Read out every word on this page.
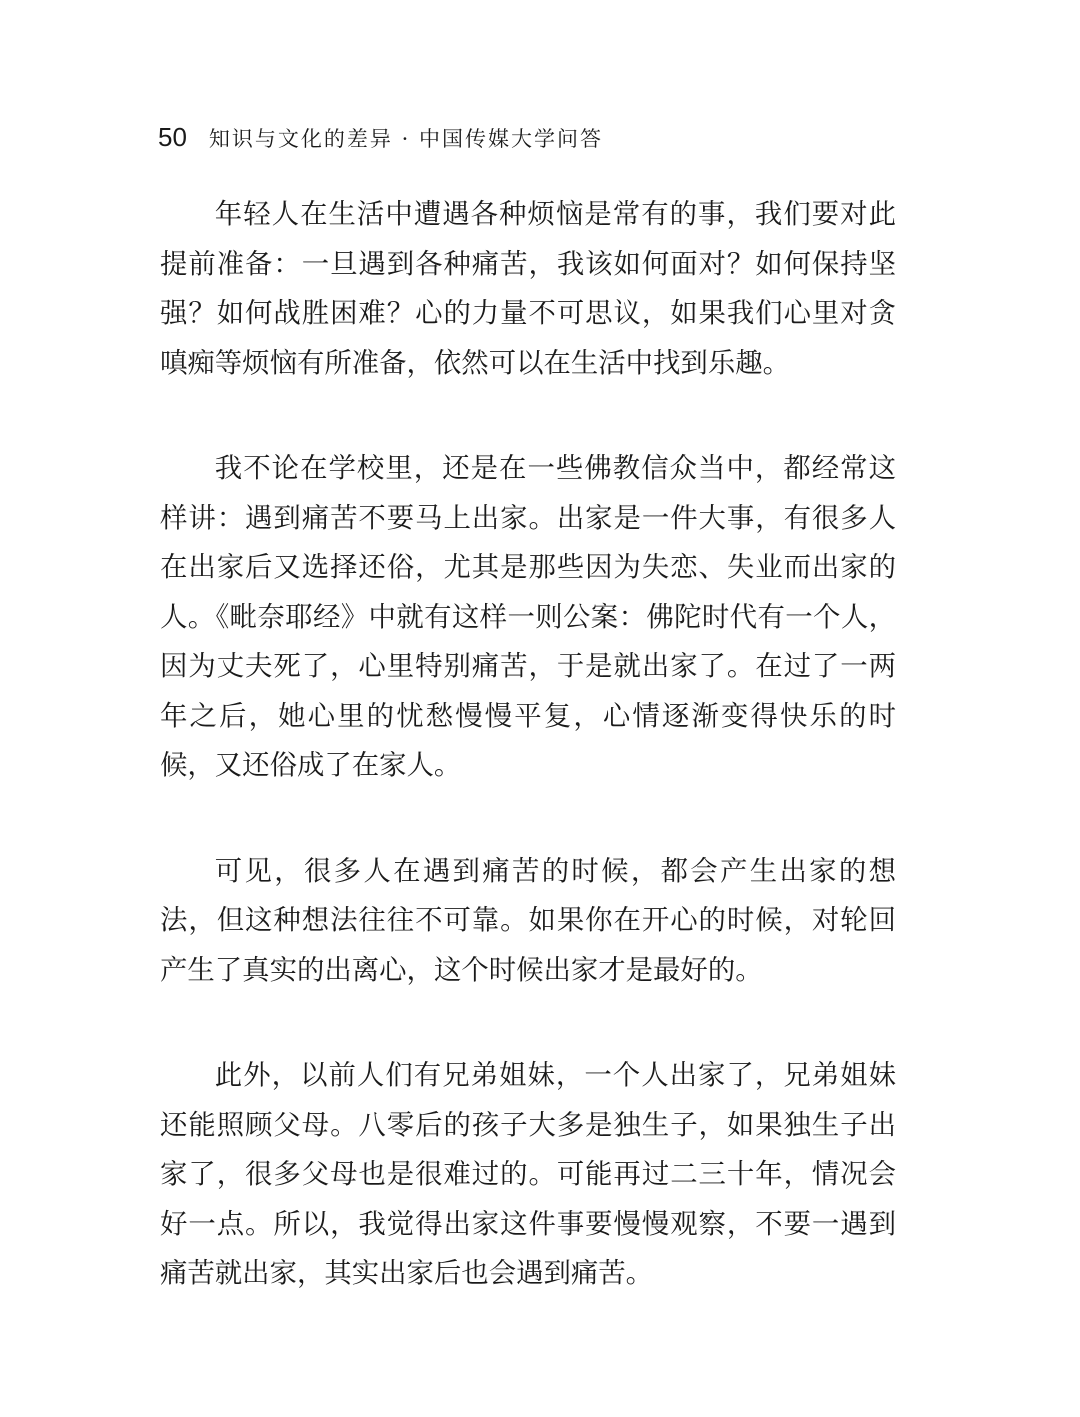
50 知识与文化的差异 · 中国传媒大学问答

年轻人在生活中遭遇各种烦恼是常有的事，我们要对此提前准备：一旦遇到各种痛苦，我该如何面对？如何保持坚强？如何战胜困难？心的力量不可思议，如果我们心里对贪嗔痴等烦恼有所准备，依然可以在生活中找到乐趣。

我不论在学校里，还是在一些佛教信众当中，都经常这样讲：遇到痛苦不要马上出家。出家是一件大事，有很多人在出家后又选择还俗，尤其是那些因为失恋、失业而出家的人。《毗奈耶经》中就有这样一则公案：佛陀时代有一个人，因为丈夫死了，心里特别痛苦，于是就出家了。在过了一两年之后，她心里的忧愁慢慢平复，心情逐渐变得快乐的时候，又还俗成了在家人。

可见，很多人在遇到痛苦的时候，都会产生出家的想法，但这种想法往往不可靠。如果你在开心的时候，对轮回产生了真实的出离心，这个时候出家才是最好的。

此外，以前人们有兄弟姐妹，一个人出家了，兄弟姐妹还能照顾父母。八零后的孩子大多是独生子，如果独生子出家了，很多父母也是很难过的。可能再过二三十年，情况会好一点。所以，我觉得出家这件事要慢慢观察，不要一遇到痛苦就出家，其实出家后也会遇到痛苦。
